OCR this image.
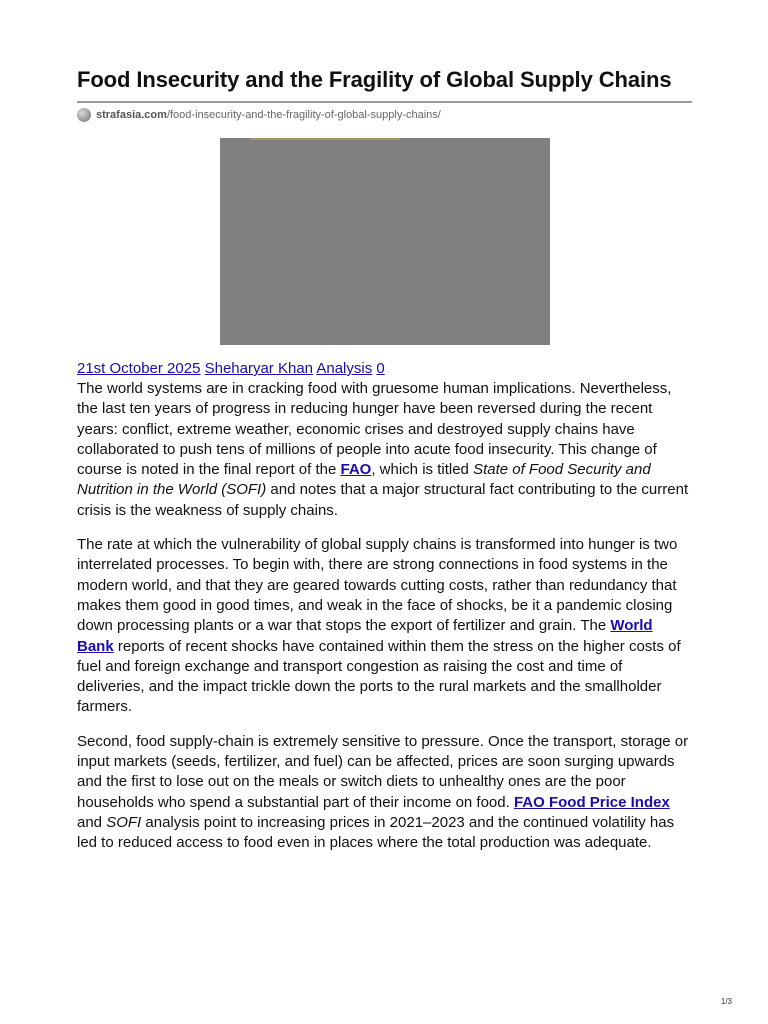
Food Insecurity and the Fragility of Global Supply Chains
strafasia.com /food-insecurity-and-the-fragility-of-global-supply-chains/
21st October 2025 Sheharyar Khan Analysis 0

The world systems are in cracking food with gruesome human implications. Nevertheless, the last ten years of progress in reducing hunger have been reversed during the recent years: conflict, extreme weather, economic crises and destroyed supply chains have collaborated to push tens of millions of people into acute food insecurity. This change of course is noted in the final report of the FAO, which is titled State of Food Security and Nutrition in the World (SOFI) and notes that a major structural fact contributing to the current crisis is the weakness of supply chains.

The rate at which the vulnerability of global supply chains is transformed into hunger is two interrelated processes. To begin with, there are strong connections in food systems in the modern world, and that they are geared towards cutting costs, rather than redundancy that makes them good in good times, and weak in the face of shocks, be it a pandemic closing down processing plants or a war that stops the export of fertilizer and grain. The World Bank reports of recent shocks have contained within them the stress on the higher costs of fuel and foreign exchange and transport congestion as raising the cost and time of deliveries, and the impact trickle down the ports to the rural markets and the smallholder farmers.

Second, food supply-chain is extremely sensitive to pressure. Once the transport, storage or input markets (seeds, fertilizer, and fuel) can be affected, prices are soon surging upwards and the first to lose out on the meals or switch diets to unhealthy ones are the poor households who spend a substantial part of their income on food. FAO Food Price Index and SOFI analysis point to increasing prices in 2021–2023 and the continued volatility has led to reduced access to food even in places where the total production was adequate.

1/3
